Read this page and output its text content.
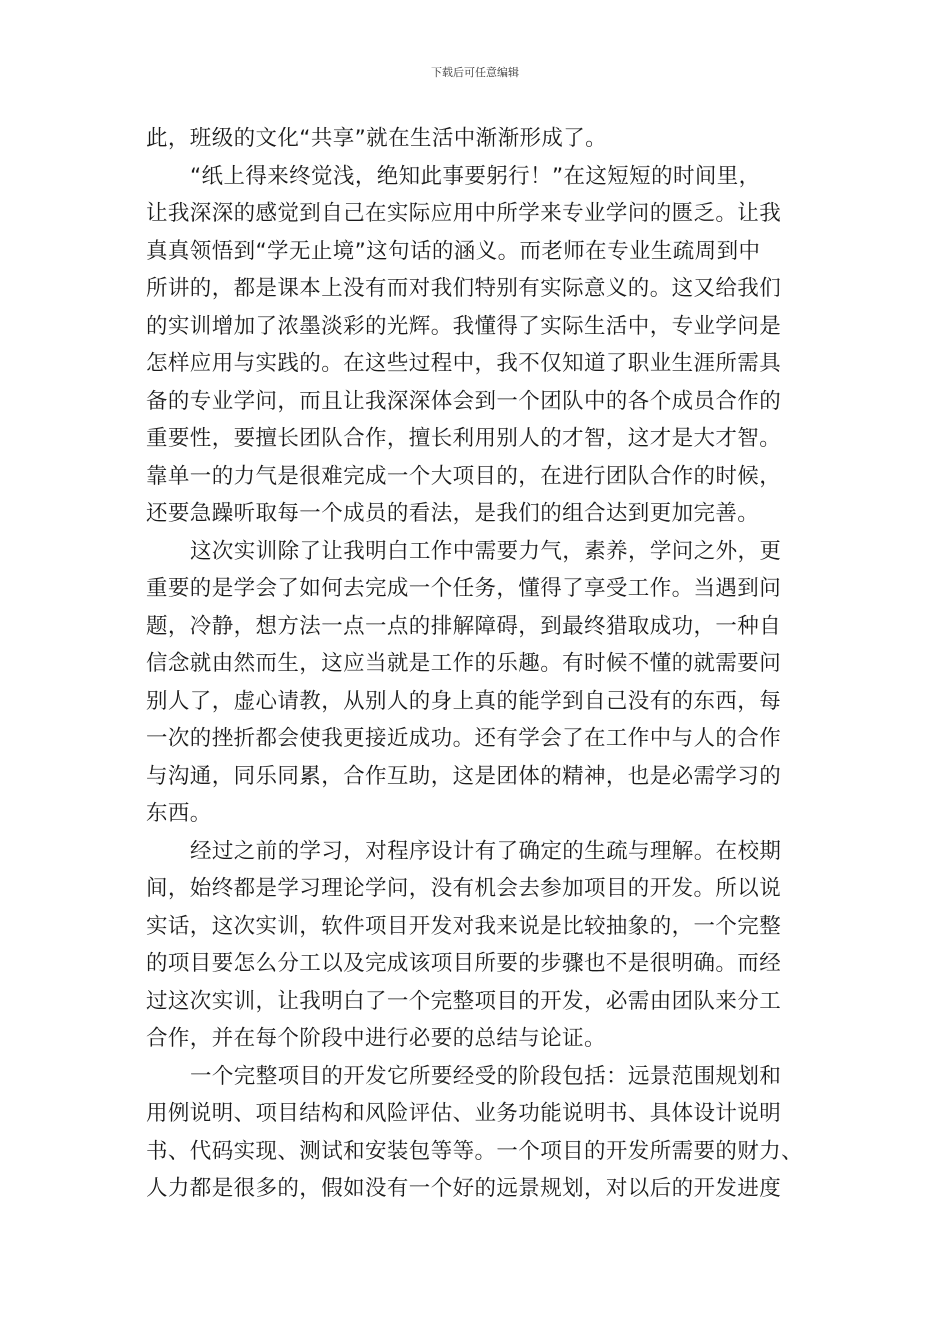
下载后可任意编辑
此，班级的文化“共享”就在生活中渐渐形成了。
“纸上得来终觉浅，绝知此事要躬行！”在这短短的时间里，
让我深深的感觉到自己在实际应用中所学来专业学问的匮乏。让我
真真领悟到“学无止境”这句话的涵义。而老师在专业生疏周到中
所讲的，都是课本上没有而对我们特别有实际意义的。这又给我们
的实训增加了浓墨淡彩的光辉。我懂得了实际生活中，专业学问是
怎样应用与实践的。在这些过程中，我不仅知道了职业生涯所需具
备的专业学问，而且让我深深体会到一个团队中的各个成员合作的
重要性，要擅长团队合作，擅长利用别人的才智，这才是大才智。
靠单一的力气是很难完成一个大项目的，在进行团队合作的时候，
还要急躁听取每一个成员的看法，是我们的组合达到更加完善。
这次实训除了让我明白工作中需要力气，素养，学问之外，更
重要的是学会了如何去完成一个任务，懂得了享受工作。当遇到问
题，冷静，想方法一点一点的排解障碍，到最终猎取成功，一种自
信念就由然而生，这应当就是工作的乐趣。有时候不懂的就需要问
别人了，虚心请教，从别人的身上真的能学到自己没有的东西，每
一次的挫折都会使我更接近成功。还有学会了在工作中与人的合作
与沟通，同乐同累，合作互助，这是团体的精神，也是必需学习的
东西。
经过之前的学习，对程序设计有了确定的生疏与理解。在校期
间，始终都是学习理论学问，没有机会去参加项目的开发。所以说
实话，这次实训，软件项目开发对我来说是比较抽象的，一个完整
的项目要怎么分工以及完成该项目所要的步骤也不是很明确。而经
过这次实训，让我明白了一个完整项目的开发，必需由团队来分工
合作，并在每个阶段中进行必要的总结与论证。
一个完整项目的开发它所要经受的阶段包括：远景范围规划和
用例说明、项目结构和风险评估、业务功能说明书、具体设计说明
书、代码实现、测试和安装包等等。一个项目的开发所需要的财力、
人力都是很多的，假如没有一个好的远景规划，对以后的开发进度
